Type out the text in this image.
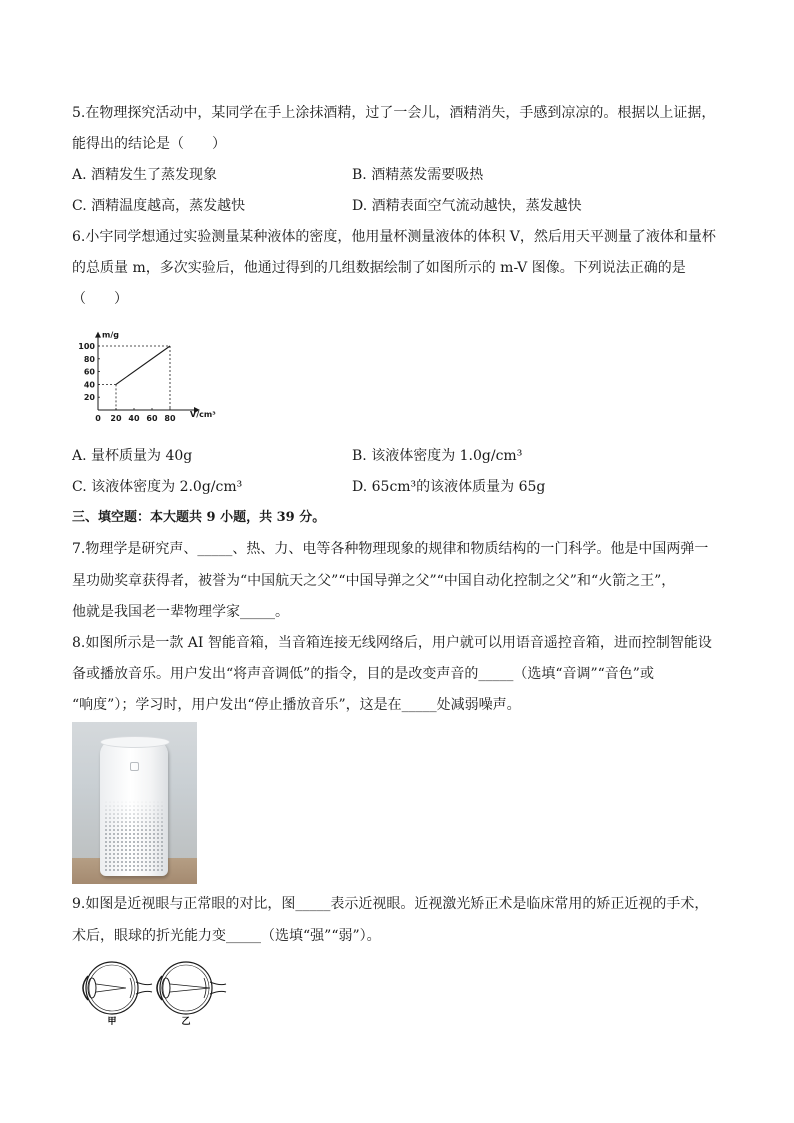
5.在物理探究活动中，某同学在手上涂抹酒精，过了一会儿，酒精消失，手感到凉凉的。根据以上证据，
能得出的结论是（　　）
A. 酒精发生了蒸发现象	B. 酒精蒸发需要吸热
C. 酒精温度越高，蒸发越快	D. 酒精表面空气流动越快，蒸发越快
6.小宇同学想通过实验测量某种液体的密度，他用量杯测量液体的体积 V，然后用天平测量了液体和量杯
的总质量 m，多次实验后，他通过得到的几组数据绘制了如图所示的 m-V 图像。下列说法正确的是
（　　）
m/g
V/cm³
0 20 40 60 80
20
40
60
80
100
A. 量杯质量为 40g	B. 该液体密度为 1.0g/cm³
C. 该液体密度为 2.0g/cm³	D. 65cm³的该液体质量为 65g
三、填空题：本大题共 9 小题，共 39 分。
7.物理学是研究声、_____、热、力、电等各种物理现象的规律和物质结构的一门科学。他是中国两弹一
星功勋奖章获得者，被誉为“中国航天之父”“中国导弹之父”“中国自动化控制之父”和“火箭之王”，
他就是我国老一辈物理学家_____。
8.如图所示是一款 AI 智能音箱，当音箱连接无线网络后，用户就可以用语音遥控音箱，进而控制智能设
备或播放音乐。用户发出“将声音调低”的指令，目的是改变声音的_____（选填“音调”“音色”或
“响度”）；学习时，用户发出“停止播放音乐”，这是在_____处减弱噪声。
9.如图是近视眼与正常眼的对比，图_____表示近视眼。近视激光矫正术是临床常用的矫正近视的手术，
术后，眼球的折光能力变_____（选填“强”“弱”）。
甲	乙
